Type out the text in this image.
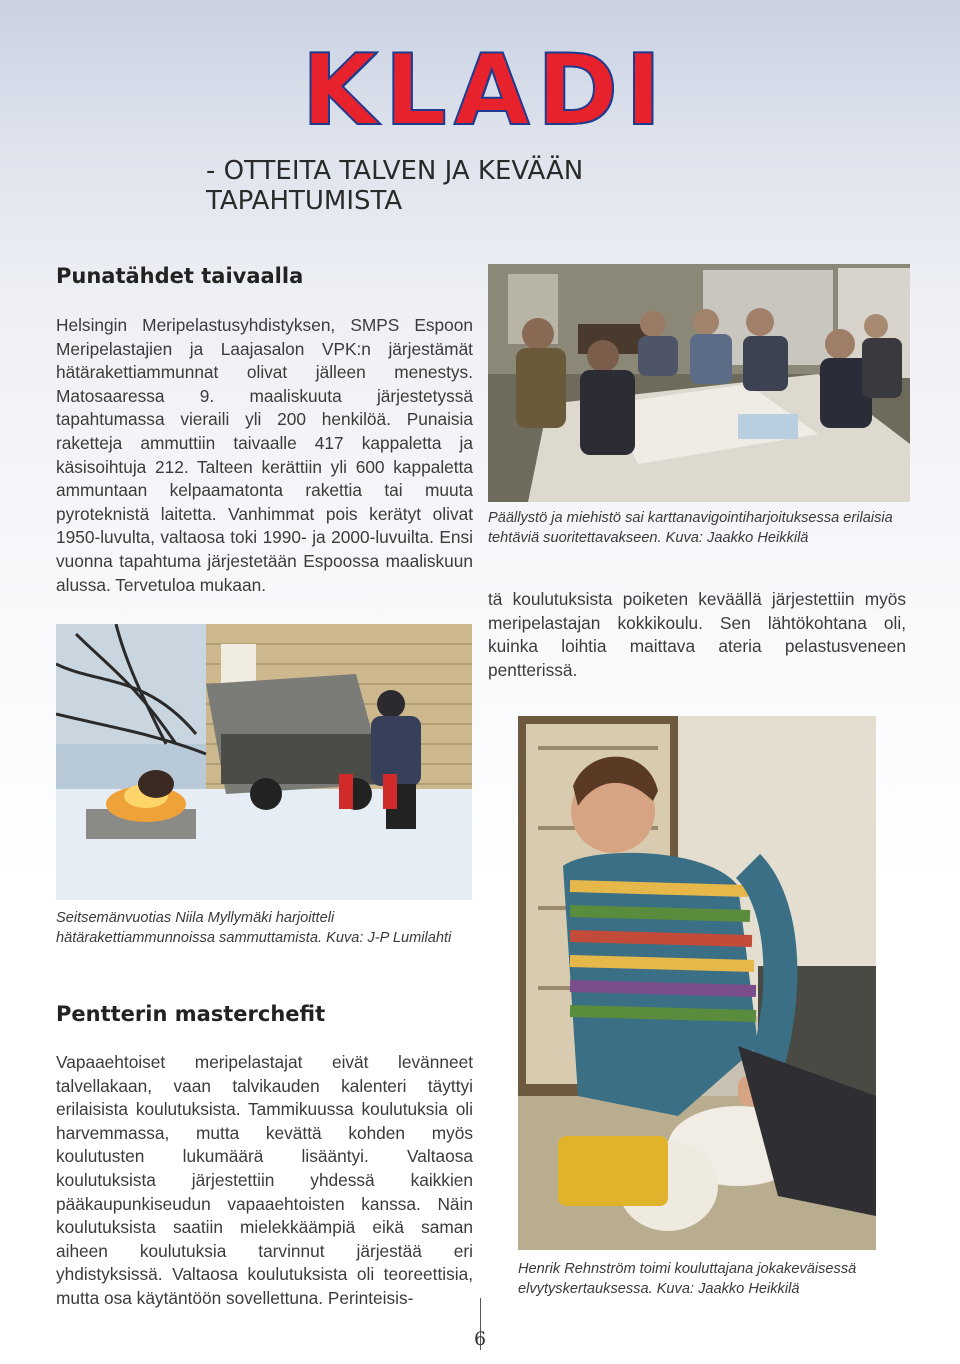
KLADI
- OTTEITA TALVEN JA KEVÄÄN TAPAHTUMISTA
Punatähdet taivaalla

Helsingin Meripelastusyhdistyksen, SMPS Espoon Meripelastajien ja Laajasalon VPK:n järjestämät hätärakettiammunnat olivat jälleen menestys. Matosaaressa 9. maaliskuuta järjestetyssä tapahtumassa vieraili yli 200 henkilöä. Punaisia raketteja ammuttiin taivaalle 417 kappaletta ja käsisoihtuja 212. Talteen kerättiin yli 600 kappaletta ammuntaan kelpaamatonta rakettia tai muuta pyroteknistä laitetta. Vanhimmat pois kerätyt olivat 1950-luvulta, valtaosa toki 1990- ja 2000-luvuilta. Ensi vuonna tapahtuma järjestetään Espoossa maaliskuun alussa. Tervetuloa mukaan.

Päällystö ja miehistö sai karttanavigointiharjoituksessa erilaisia tehtäviä suoritettavakseen. Kuva: Jaakko Heikkilä

tä koulutuksista poiketen keväällä järjestettiin myös meripelastajan kokkikoulu. Sen lähtökohtana oli, kuinka loihtia maittava ateria pelastusveneen pentterissä.

Seitsemänvuotias Niila Myllymäki harjoitteli hätärakettiammunnoissa sammuttamista. Kuva: J-P Lumilahti

Pentterin masterchefit

Vapaaehtoiset meripelastajat eivät levänneet talvellakaan, vaan talvikauden kalenteri täyttyi erilaisista koulutuksista. Tammikuussa koulutuksia oli harvemmassa, mutta kevättä kohden myös koulutusten lukumäärä lisääntyi. Valtaosa koulutuksista järjestettiin yhdessä kaikkien pääkaupunkiseudun vapaaehtoisten kanssa. Näin koulutuksista saatiin mielekkäämpiä eikä saman aiheen koulutuksia tarvinnut järjestää eri yhdistyksissä. Valtaosa koulutuksista oli teoreettisia, mutta osa käytäntöön sovellettuna. Perinteisis-

Henrik Rehnström toimi kouluttajana jokakeväisessä elvytyskertauksessa. Kuva: Jaakko Heikkilä

6
